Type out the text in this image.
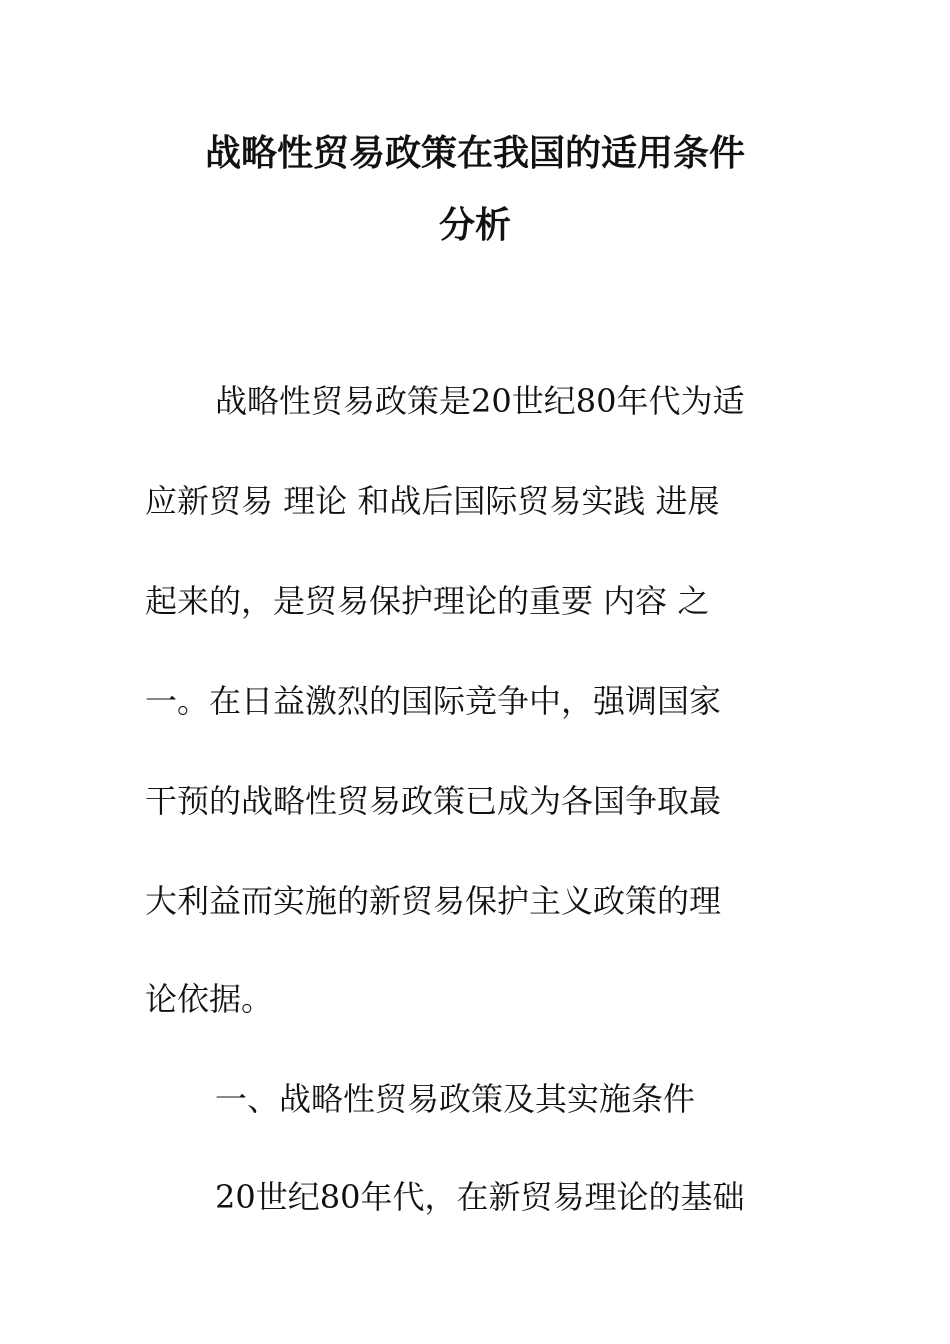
战略性贸易政策在我国的适用条件
分析
战略性贸易政策是20世纪80年代为适
应新贸易 理论 和战后国际贸易实践 进展
起来的，是贸易保护理论的重要 内容 之
一。在日益激烈的国际竞争中，强调国家
干预的战略性贸易政策已成为各国争取最
大利益而实施的新贸易保护主义政策的理
论依据。
一、战略性贸易政策及其实施条件
20世纪80年代，在新贸易理论的基础
